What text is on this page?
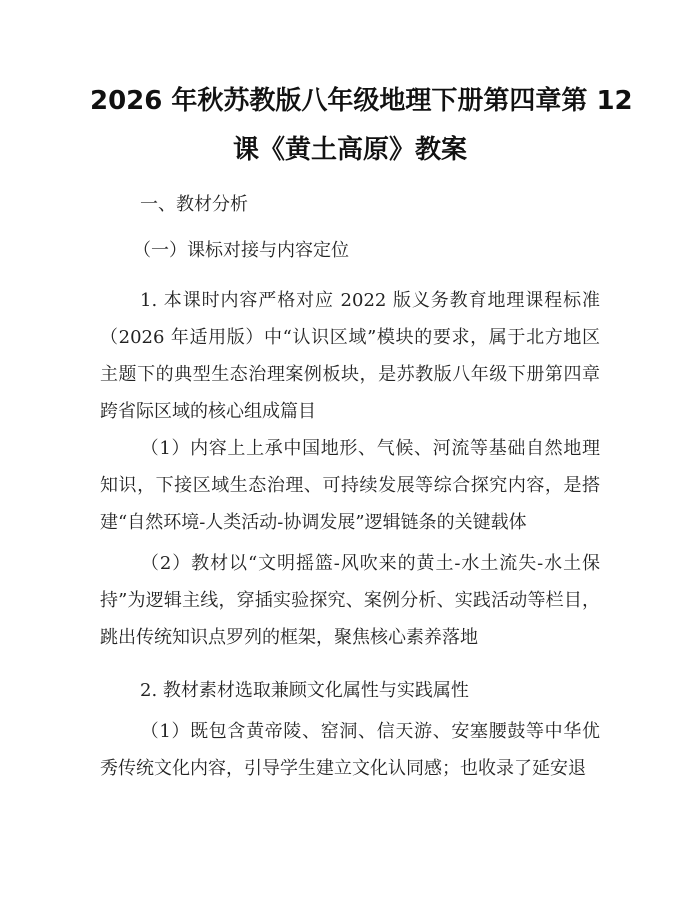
2026 年秋苏教版八年级地理下册第四章第 12
课《黄土高原》教案
一、教材分析
（一）课标对接与内容定位

1. 本课时内容严格对应 2022 版义务教育地理课程标准（2026 年适用版）中“认识区域”模块的要求，属于北方地区主题下的典型生态治理案例板块，是苏教版八年级下册第四章跨省际区域的核心组成篇目

（1）内容上上承中国地形、气候、河流等基础自然地理知识，下接区域生态治理、可持续发展等综合探究内容，是搭建“自然环境-人类活动-协调发展”逻辑链条的关键载体

（2）教材以“文明摇篮-风吹来的黄土-水土流失-水土保持”为逻辑主线，穿插实验探究、案例分析、实践活动等栏目，跳出传统知识点罗列的框架，聚焦核心素养落地

2. 教材素材选取兼顾文化属性与实践属性

（1）既包含黄帝陵、窑洞、信天游、安塞腰鼓等中华优秀传统文化内容，引导学生建立文化认同感；也收录了延安退
